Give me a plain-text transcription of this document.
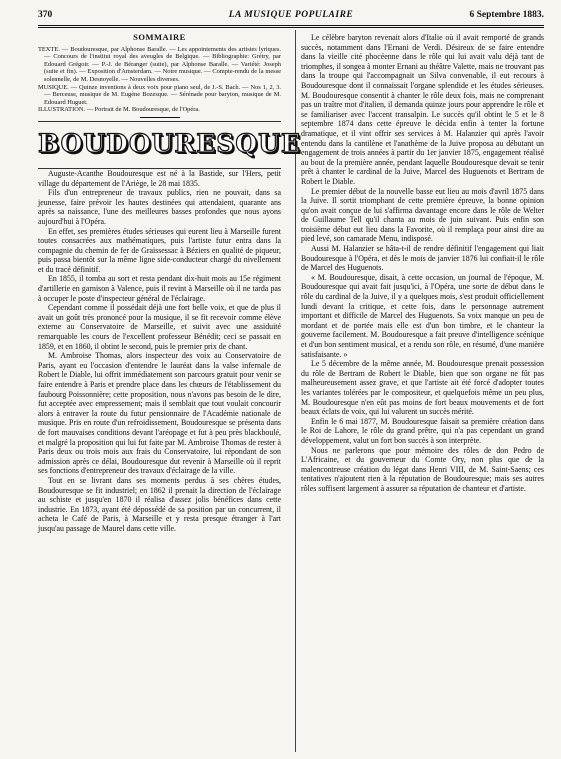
370	LA MUSIQUE POPULAIRE	6 Septembre 1883.
SOMMAIRE

TEXTE. — Boudouresque, par Alphonse Baralle. — Les appointements des artistes lyriques. — Concours de l'institut royal des aveugles de Belgique. — Bibliographie: Grétry, par Edouard Grégoir. — P.-J. de Béranger (suite), par Alphonse Baralle. — Variété: Joseph (suite et fin). — Exposition d'Amsterdam. — Notre musique. — Compte-rendu de la messe solennelle, de M. Desnoyelle. — Nouvelles diverses.

MUSIQUE. — Quinze inventions à deux voix pour piano seul, de J.-S. Bach. — Nos 1, 2, 3. — Berceuse, musique de M. Eugène Bozesque. — Sérénade pour baryton, musique de M. Edouard Huguet.

ILLUSTRATION. — Portrait de M. Boudouresque, de l'Opéra.

BOUDOURESQUE

Auguste-Acanthe Boudouresque est né à la Bastide, sur l'Hers, petit village du département de l'Ariège, le 28 mai 1835.

Fils d'un entrepreneur de travaux publics, rien ne pouvait, dans sa jeunesse, faire prévoir les hautes destinées qui attendaient, quarante ans après sa naissance, l'une des meilleures basses profondes que nous ayons aujourd'hui à l'Opéra.

En effet, ses premières études sérieuses qui eurent lieu à Marseille furent toutes consacrées aux mathématiques, puis l'artiste futur entra dans la compagnie du chemin de fer de Graissessac à Béziers en qualité de piqueur, puis passa bientôt sur la même ligne side-conducteur chargé du nivellement et du tracé définitif.

En 1855, il tomba au sort et resta pendant dix-huit mois au 15e régiment d'artillerie en garnison à Valence, puis il revint à Marseille où il ne tarda pas à occuper le poste d'inspecteur général de l'éclairage.

Cependant comme il possédait déjà une fort belle voix, et que de plus il avait un goût très prononcé pour la musique, il se fit recevoir comme élève externe au Conservatoire de Marseille, et suivit avec une assiduité remarquable les cours de l'excellent professeur Bénédit; ceci se passait en 1859, et en 1860, il obtint le second, puis le premier prix de chant.

M. Ambroise Thomas, alors inspecteur des voix au Conservatoire de Paris, ayant eu l'occasion d'entendre le lauréat dans la valse infernale de Robert le Diable, lui offrit immédiatement son parcours gratuit pour venir se faire entendre à Paris et prendre place dans les chœurs de l'établissement du faubourg Poissonnière; cette proposition, nous n'avons pas besoin de le dire, fut acceptée avec empressement; mais il semblait que tout voulait concourir alors à entraver la route du futur pensionnaire de l'Académie nationale de musique. Pris en route d'un refroidissement, Boudouresque se présenta dans de fort mauvaises conditions devant l'aréopage et fut à peu près blackboulé, et malgré la proposition qui lui fut faite par M. Ambroise Thomas de rester à Paris deux ou trois mois aux frais du Conservatoire, lui répondant de son admission après ce délai, Boudouresque dut revenir à Marseille où il reprit ses fonctions d'entrepreneur des travaux d'éclairage de la ville.

Tout en se livrant dans ses moments perdus à ses chères études, Boudouresque se fit industriel; en 1862 il prenait la direction de l'éclairage au schiste et jusqu'en 1870 il réalisa d'assez jolis bénéfices dans cette industrie. En 1873, ayant été dépossédé de sa position par un concurrent, il acheta le Café de Paris, à Marseille et y resta presque étranger à l'art jusqu'au passage de Maurel dans cette ville.

Le célèbre baryton revenait alors d'Italie où il avait remporté de grands succès, notamment dans l'Ernani de Verdi. Désireux de se faire entendre dans la vieille cité phocéenne dans le rôle qui lui avait valu déjà tant de triomphes, il songea à monter Ernani au théâtre Valette, mais ne trouvant pas dans la troupe qui l'accompagnait un Silva convenable, il eut recours à Boudouresque dont il connaissait l'organe splendide et les études sérieuses. M. Boudouresque consentit à chanter le rôle deux fois, mais ne comprenant pas un traître mot d'italien, il demanda quinze jours pour apprendre le rôle et se familiariser avec l'accent transalpin. Le succès qu'il obtint le 5 et le 8 septembre 1874 dans cette épreuve le décida enfin à tenter la fortune dramatique, et il vint offrir ses services à M. Halanzier qui après l'avoir entendu dans la cantilène et l'anathème de la Juive proposa au débutant un engagement de trois années à partir du 1er janvier 1875, engagement réalisé au bout de la première année, pendant laquelle Boudouresque devait se tenir prêt à chanter le cardinal de la Juive, Marcel des Huguenots et Bertram de Robert le Diable.

Le premier début de la nouvelle basse eut lieu au mois d'avril 1875 dans la Juive. Il sortit triomphant de cette première épreuve, la bonne opinion qu'on avait conçue de lui s'affirma davantage encore dans le rôle de Welter de Guillaume Tell qu'il chanta au mois de juin suivant. Puis enfin son troisième début eut lieu dans la Favorite, où il remplaça pour ainsi dire au pied levé, son camarade Menu, indisposé.

Aussi M. Halanzier se hâta-t-il de rendre définitif l'engagement qui liait Boudouresque à l'Opéra, et dès le mois de janvier 1876 lui confiait-il le rôle de Marcel des Huguenots.

« M. Boudouresque, disait, à cette occasion, un journal de l'époque, M. Boudouresque qui avait fait jusqu'ici, à l'Opéra, une sorte de début dans le rôle du cardinal de la Juive, il y a quelques mois, s'est produit officiellement lundi devant la critique, et cette fois, dans le personnage autrement important et difficile de Marcel des Huguenots. Sa voix manque un peu de mordant et de portée mais elle est d'un bon timbre, et le chanteur la gouverne facilement. M. Boudouresque a fait preuve d'intelligence scénique et d'un bon sentiment musical, et a rendu son rôle, en résumé, d'une manière satisfaisante. »

Le 5 décembre de la même année, M. Boudouresque prenait possession du rôle de Bertram de Robert le Diable, bien que son organe ne fût pas malheureusement assez grave, et que l'artiste ait été forcé d'adopter toutes les variantes tolérées par le compositeur, et quelquefois même un peu plus, M. Boudouresque n'en eût pas moins de fort beaux mouvements et de fort beaux éclats de voix, qui lui valurent un succès mérité.

Enfin le 6 mai 1877, M. Boudouresque faisait sa première création dans le Roi de Lahore, le rôle du grand prêtre, qui n'a pas cependant un grand développement, valut un fort bon succès à son interprète.

Nous ne parlerons que pour mémoire des rôles de don Pedro de L'Africaine, et du gouverneur du Comte Ory, non plus que de la malencontreuse création du légat dans Henri VIII, de M. Saint-Saens; ces tentatives n'ajoutent rien à la réputation de Boudouresque; mais ses autres rôles suffisent largement à assurer sa réputation de chanteur et d'artiste.
